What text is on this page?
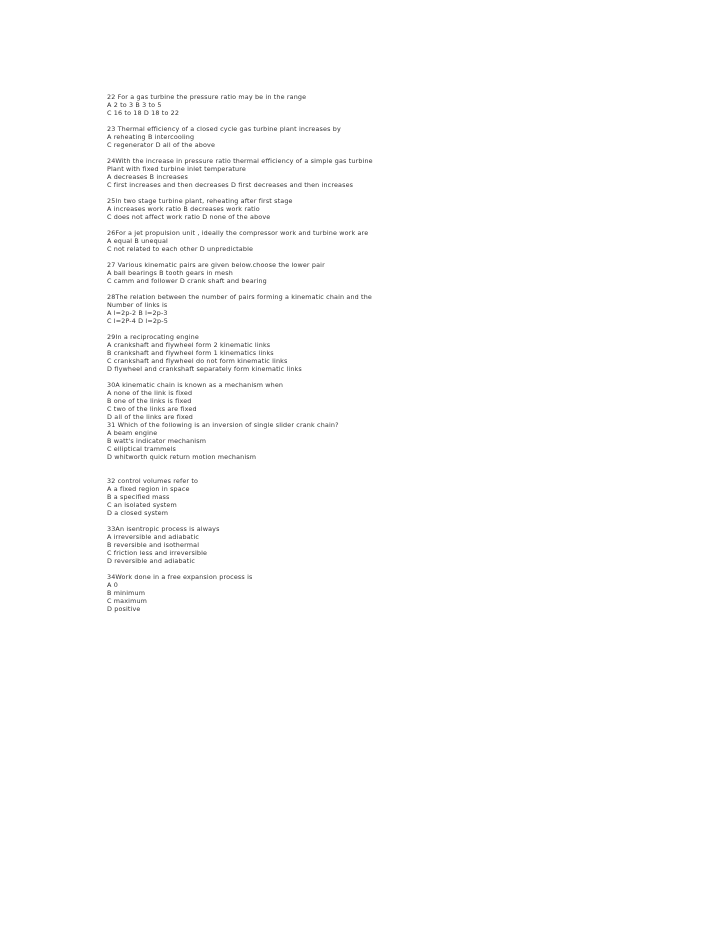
22 For a gas turbine the pressure ratio may be in the range
A 2 to 3 B 3 to 5
C 16 to 18 D 18 to 22
23 Thermal efficiency of a closed cycle gas turbine plant increases by
A reheating B intercooling
C regenerator D all of the above
24With the increase in pressure ratio thermal efficiency of a simple gas turbine
Plant with fixed turbine inlet temperature
A decreases B increases
C first increases and then decreases D first decreases and then increases
25In two stage turbine plant, reheating after first stage
A increases work ratio B decreases work ratio
C does not affect work ratio D none of the above
26For a jet propulsion unit , ideally the compressor work and turbine work are
A equal B unequal
C not related to each other D unpredictable
27 Various kinematic pairs are given below.choose the lower pair
A ball bearings B tooth gears in mesh
C camm and follower D crank shaft and bearing
28The relation between the number of pairs forming a kinematic chain and the
Number of links is
A l=2p-2 B l=2p-3
C l=2P-4 D l=2p-5
29In a reciprocating engine
A crankshaft and flywheel form 2 kinematic links
B crankshaft and flywheel form 1 kinematics links
C crankshaft and flywheel do not form kinematic links
D flywheel and crankshaft separately form kinematic links
30A kinematic chain is known as a mechanism when
A none of the link is fixed
B one of the links is fixed
C two of the links are fixed
D all of the links are fixed
31 Which of the following is an inversion of single slider crank chain?
A beam engine
B watt's indicator mechanism
C elliptical trammels
D whitworth quick return motion mechanism
32 control volumes refer to
A a fixed region in space
B a specified mass
C an isolated system
D a closed system
33An isentropic process is always
A irreversible and adiabatic
B reversible and isothermal
C friction less and irreversible
D reversible and adiabatic
34Work done in a free expansion process is
A 0
B minimum
C maximum
D positive
